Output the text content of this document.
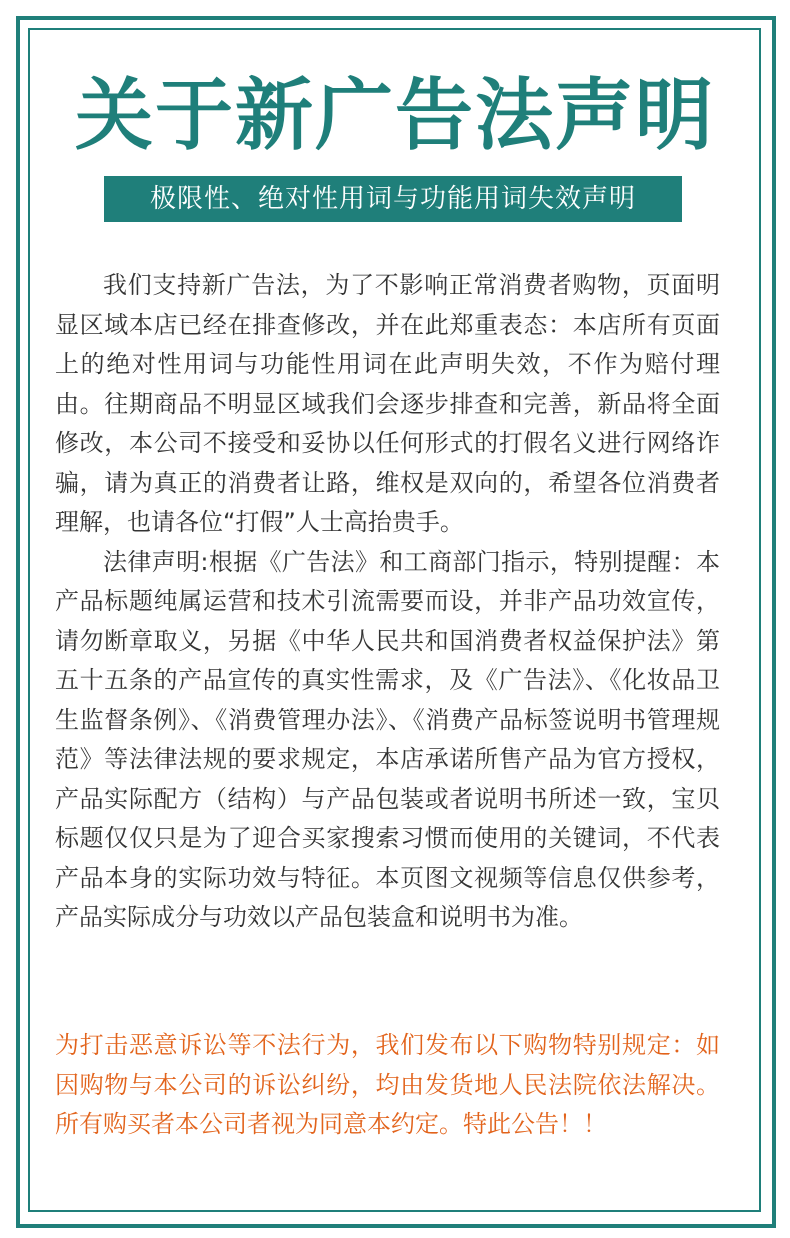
关于新广告法声明
极限性、绝对性用词与功能用词失效声明

我们支持新广告法，为了不影响正常消费者购物，页面明显区域本店已经在排查修改，并在此郑重表态：本店所有页面上的绝对性用词与功能性用词在此声明失效，不作为赔付理由。往期商品不明显区域我们会逐步排查和完善，新品将全面修改，本公司不接受和妥协以任何形式的打假名义进行网络诈骗，请为真正的消费者让路，维权是双向的，希望各位消费者理解，也请各位“打假”人士高抬贵手。

法律声明:根据《广告法》和工商部门指示，特别提醒：本产品标题纯属运营和技术引流需要而设，并非产品功效宣传，请勿断章取义，另据《中华人民共和国消费者权益保护法》第五十五条的产品宣传的真实性需求，及《广告法》、《化妆品卫生监督条例》、《消费管理办法》、《消费产品标签说明书管理规范》等法律法规的要求规定，本店承诺所售产品为官方授权，产品实际配方（结构）与产品包装或者说明书所述一致，宝贝标题仅仅只是为了迎合买家搜索习惯而使用的关键词，不代表产品本身的实际功效与特征。本页图文视频等信息仅供参考，产品实际成分与功效以产品包装盒和说明书为准。

为打击恶意诉讼等不法行为，我们发布以下购物特别规定：如因购物与本公司的诉讼纠纷，均由发货地人民法院依法解决。所有购买者本公司者视为同意本约定。特此公告！！
